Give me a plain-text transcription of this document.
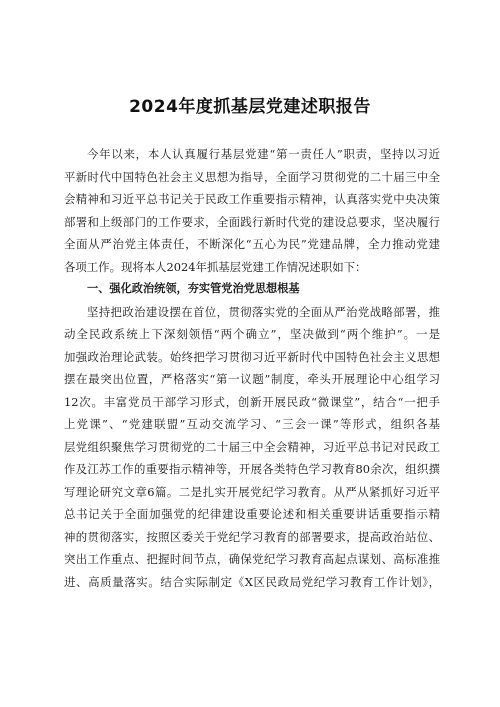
2024年度抓基层党建述职报告
今年以来，本人认真履行基层党建“第一责任人”职责，坚持以习近
平新时代中国特色社会主义思想为指导，全面学习贯彻党的二十届三中全
会精神和习近平总书记关于民政工作重要指示精神，认真落实党中央决策
部署和上级部门的工作要求，全面践行新时代党的建设总要求，坚决履行
全面从严治党主体责任，不断深化“五心为民”党建品牌，全力推动党建
各项工作。现将本人2024年抓基层党建工作情况述职如下：
一、强化政治统领，夯实管党治党思想根基
坚持把政治建设摆在首位，贯彻落实党的全面从严治党战略部署，推
动全民政系统上下深刻领悟“两个确立”，坚决做到“两个维护”。一是
加强政治理论武装。始终把学习贯彻习近平新时代中国特色社会主义思想
摆在最突出位置，严格落实“第一议题”制度，牵头开展理论中心组学习
12次。丰富党员干部学习形式，创新开展民政“微课堂”，结合“一把手
上党课”、“党建联盟”互动交流学习、“三会一课”等形式，组织各基
层党组织聚焦学习贯彻党的二十届三中全会精神，习近平总书记对民政工
作及江苏工作的重要指示精神等，开展各类特色学习教育80余次，组织撰
写理论研究文章6篇。二是扎实开展党纪学习教育。从严从紧抓好习近平
总书记关于全面加强党的纪律建设重要论述和相关重要讲话重要指示精
神的贯彻落实，按照区委关于党纪学习教育的部署要求，提高政治站位、
突出工作重点、把握时间节点，确保党纪学习教育高起点谋划、高标准推
进、高质量落实。结合实际制定《X区民政局党纪学习教育工作计划》，
